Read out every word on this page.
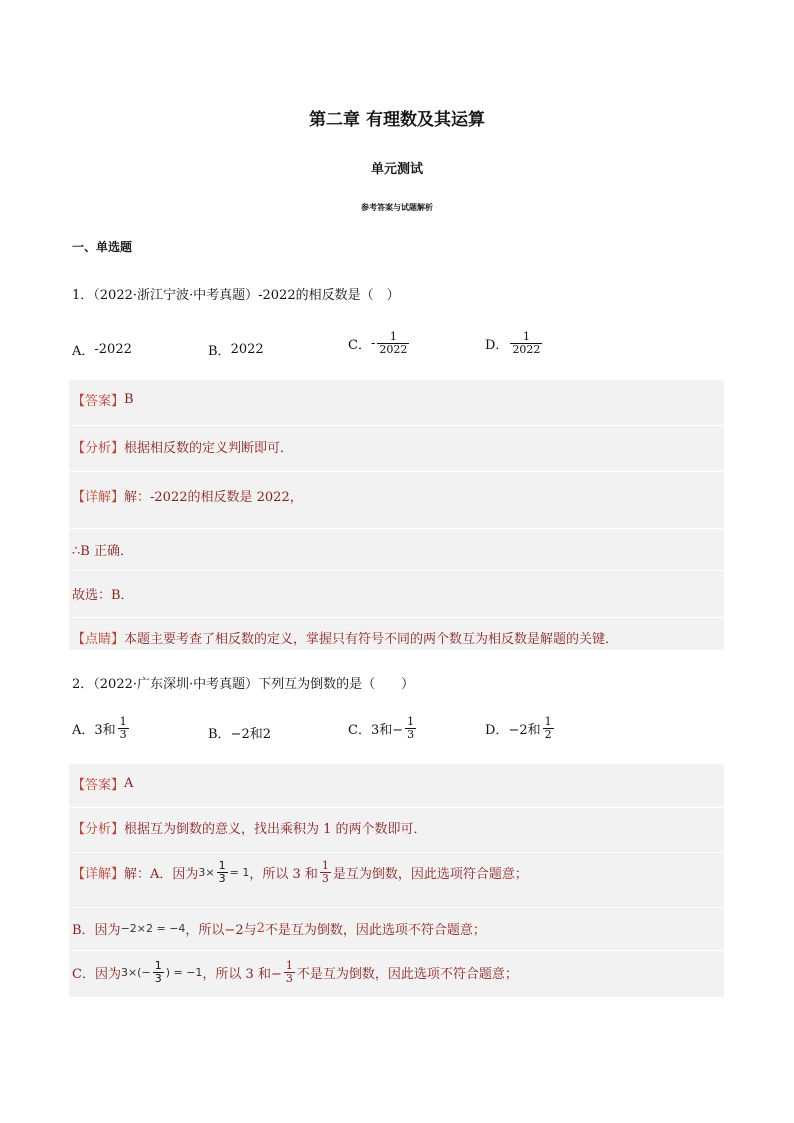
第二章 有理数及其运算
单元测试
参考答案与试题解析
一、单选题
1．（2022·浙江宁波·中考真题）-2022的相反数是（　）
A． -2022	B． 2022	C． - $\frac{1}{2022}$	D． $\frac{1}{2022}$
【答案】 B
【分析】 根据相反数的定义判断即可．
【详解】 解：-2022的相反数是 2022，
∴B 正确．
故选：B．
【点睛】 本题主要考查了相反数的定义，掌握只有符号不同的两个数互为相反数是解题的关键．
2．（2022·广东深圳·中考真题）下列互为倒数的是（　　）
A． 3和 $\frac{1}{3}$	B． −2和2	C． 3和− $\frac{1}{3}$	D． −2和 $\frac{1}{2}$
【答案】 A
【分析】 根据互为倒数的意义，找出乘积为 1 的两个数即可．
【详解】 解：A．因为 $3\times \frac{1}{3} = 1$ ，所以 3 和 $\frac{1}{3}$ 是互为倒数，因此选项符合题意；
B．因为 −2×2 = −4 ，所以−2与 2 不是互为倒数，因此选项不符合题意；
C．因为 $3\times(- \frac{1}{3}$ ) = −1 ，所以 3 和− $\frac{1}{3}$ 不是互为倒数，因此选项不符合题意；
